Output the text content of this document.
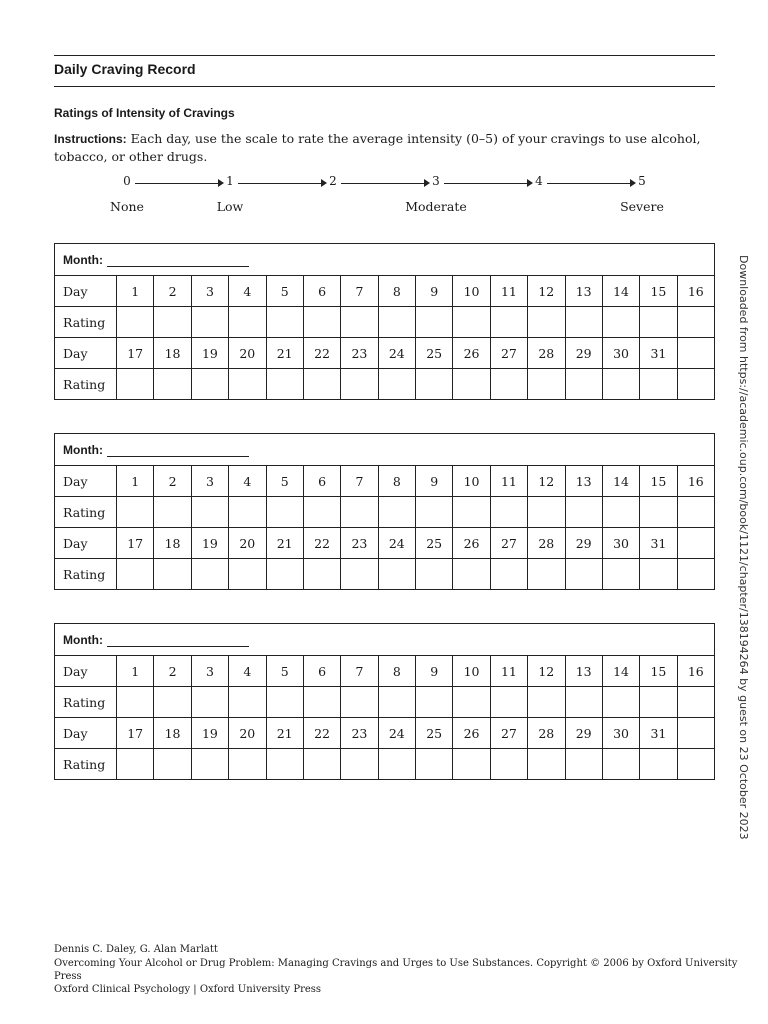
Daily Craving Record
Ratings of Intensity of Cravings
Instructions: Each day, use the scale to rate the average intensity (0–5) of your cravings to use alcohol, tobacco, or other drugs.
0	1	2	3	4	5
None	Low	Moderate	Severe
Month:																
Day	1	2	3	4	5	6	7	8	9	10	11	12	13	14	15	16
Rating																
Day	17	18	19	20	21	22	23	24	25	26	27	28	29	30	31	
Rating																
Month:																
Day	1	2	3	4	5	6	7	8	9	10	11	12	13	14	15	16
Rating																
Day	17	18	19	20	21	22	23	24	25	26	27	28	29	30	31	
Rating																
Month:																
Day	1	2	3	4	5	6	7	8	9	10	11	12	13	14	15	16
Rating																
Day	17	18	19	20	21	22	23	24	25	26	27	28	29	30	31	
Rating																	Downloaded from https://academic.oup.com/book/1121/chapter/138194264 by guest on 23 October 2023
Dennis C. Daley, G. Alan Marlatt
Overcoming Your Alcohol or Drug Problem: Managing Cravings and Urges to Use Substances. Copyright © 2006 by Oxford University Press
Oxford Clinical Psychology | Oxford University Press
